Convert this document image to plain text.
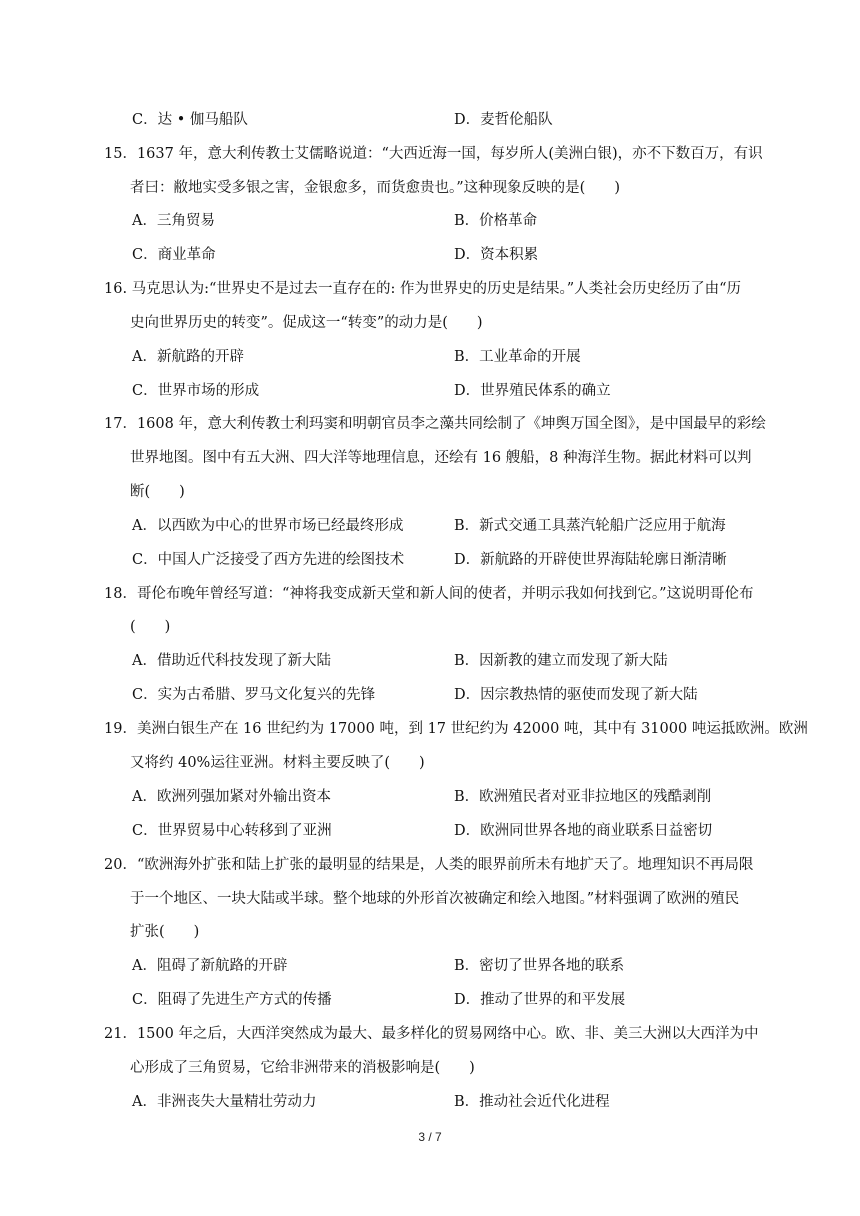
C．达 • 伽马船队	D．麦哲伦船队
15．1637 年，意大利传教士艾儒略说道：“大西近海一国，每岁所人(美洲白银)，亦不下数百万，有识
者曰：敝地实受多银之害，金银愈多，而货愈贵也。”这种现象反映的是(　　)
A．三角贸易	B．价格革命
C．商业革命	D．资本积累
16. 马克思认为:“世界史不是过去一直存在的: 作为世界史的历史是结果。”人类社会历史经历了由“历
史向世界历史的转变”。促成这一“转变”的动力是(　　)
A．新航路的开辟	B．工业革命的开展
C．世界市场的形成	D．世界殖民体系的确立
17．1608 年，意大利传教士利玛窦和明朝官员李之藻共同绘制了《坤舆万国全图》，是中国最早的彩绘
世界地图。图中有五大洲、四大洋等地理信息，还绘有 16 艘船，8 种海洋生物。据此材料可以判
断(　　)
A．以西欧为中心的世界市场已经最终形成	B．新式交通工具蒸汽轮船广泛应用于航海
C．中国人广泛接受了西方先进的绘图技术	D．新航路的开辟使世界海陆轮廓日渐清晰
18．哥伦布晚年曾经写道：“神将我变成新天堂和新人间的使者，并明示我如何找到它。”这说明哥伦布
(　　)
A．借助近代科技发现了新大陆	B．因新教的建立而发现了新大陆
C．实为古希腊、罗马文化复兴的先锋	D．因宗教热情的驱使而发现了新大陆
19．美洲白银生产在 16 世纪约为 17000 吨，到 17 世纪约为 42000 吨，其中有 31000 吨运抵欧洲。欧洲
又将约 40%运往亚洲。材料主要反映了(　　)
A．欧洲列强加紧对外输出资本	B．欧洲殖民者对亚非拉地区的残酷剥削
C．世界贸易中心转移到了亚洲	D．欧洲同世界各地的商业联系日益密切
20．“欧洲海外扩张和陆上扩张的最明显的结果是，人类的眼界前所未有地扩天了。地理知识不再局限
于一个地区、一块大陆或半球。整个地球的外形首次被确定和绘入地图。”材料强调了欧洲的殖民
扩张(　　)
A．阻碍了新航路的开辟	B．密切了世界各地的联系
C．阻碍了先进生产方式的传播	D．推动了世界的和平发展
21．1500 年之后，大西洋突然成为最大、最多样化的贸易网络中心。欧、非、美三大洲以大西洋为中
心形成了三角贸易，它给非洲带来的消极影响是(　　)
A．非洲丧失大量精壮劳动力	B．推动社会近代化进程
3 / 7
